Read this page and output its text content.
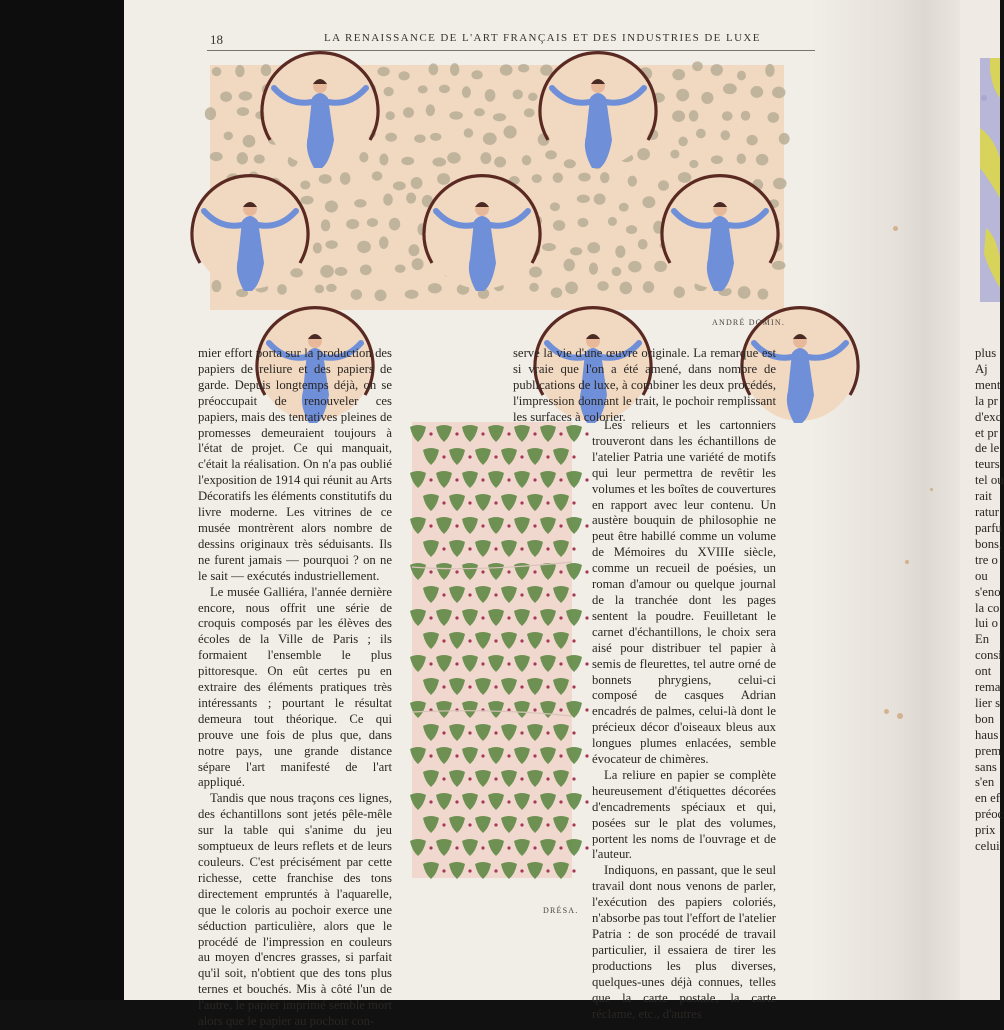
18	LA RENAISSANCE DE L'ART FRANÇAIS ET DES INDUSTRIES DE LUXE
ANDRÉ DOMIN.
DRÉSA.

mier effort porta sur la production des papiers de reliure et des papiers de garde. Depuis longtemps déjà, on se préoccupait de renouveler ces papiers, mais des tentatives pleines de promesses demeuraient toujours à l'état de projet. Ce qui manquait, c'était la réalisation. On n'a pas oublié l'exposition de 1914 qui réunit au Arts Décoratifs les éléments constitutifs du livre moderne. Les vitrines de ce musée montrèrent alors nombre de dessins originaux très séduisants. Ils ne furent jamais — pourquoi ? on ne le sait — exécutés industriellement.

Le musée Galliéra, l'année dernière encore, nous offrit une série de croquis composés par les élèves des écoles de la Ville de Paris ; ils formaient l'ensemble le plus pittoresque. On eût certes pu en extraire des éléments pratiques très intéressants ; pourtant le résultat demeura tout théorique. Ce qui prouve une fois de plus que, dans notre pays, une grande distance sépare l'art manifesté de l'art appliqué.

Tandis que nous traçons ces lignes, des échantillons sont jetés pêle-mêle sur la table qui s'anime du jeu somptueux de leurs reflets et de leurs couleurs. C'est précisément par cette richesse, cette franchise des tons directement empruntés à l'aquarelle, que le coloris au pochoir exerce une séduction particulière, alors que le procédé de l'impression en couleurs au moyen d'encres grasses, si parfait qu'il soit, n'obtient que des tons plus ternes et bouchés. Mis à côté l'un de l'autre, le papier imprimé semble mort alors que le papier au pochoir con-

serve la vie d'une œuvre originale. La remarque est si vraie que l'on a été amené, dans nombre de publications de luxe, à combiner les deux procédés, l'impression donnant le trait, le pochoir remplissant les surfaces à colorier.

Les relieurs et les cartonniers trouveront dans les échantillons de l'atelier Patria une variété de motifs qui leur permettra de revêtir les volumes et les boîtes de couvertures en rapport avec leur contenu. Un austère bouquin de philosophie ne peut être habillé comme un volume de Mémoires du XVIIIe siècle, comme un recueil de poésies, un roman d'amour ou quelque journal de la tranchée dont les pages sentent la poudre. Feuilletant le carnet d'échantillons, le choix sera aisé pour distribuer tel papier à semis de fleurettes, tel autre orné de bonnets phrygiens, celui-ci composé de casques Adrian encadrés de palmes, celui-là dont le précieux décor d'oiseaux bleus aux longues plumes enlacées, semble évocateur de chimères.

La reliure en papier se complète heureusement d'étiquettes décorées d'encadrements spéciaux et qui, posées sur le plat des volumes, portent les noms de l'ouvrage et de l'auteur.

Indiquons, en passant, que le seul travail dont nous venons de parler, l'exécution des papiers coloriés, n'absorbe pas tout l'effort de l'atelier Patria : de son procédé de travail particulier, il essaiera de tirer les productions les plus diverses, quelques-unes déjà connues, telles que la carte postale, la carte réclame, etc., d'autres

plus
Aj
ment
la pr
d'exc
et pr
de le
teurs
tel ou
rait
ratur
parfu
bons,
tre o
ou
s'eno
la co
lui o
En
consi
ont
rema
lier s
bon
haus
prem
sans
s'en
en ef
préoc
prix
celui
